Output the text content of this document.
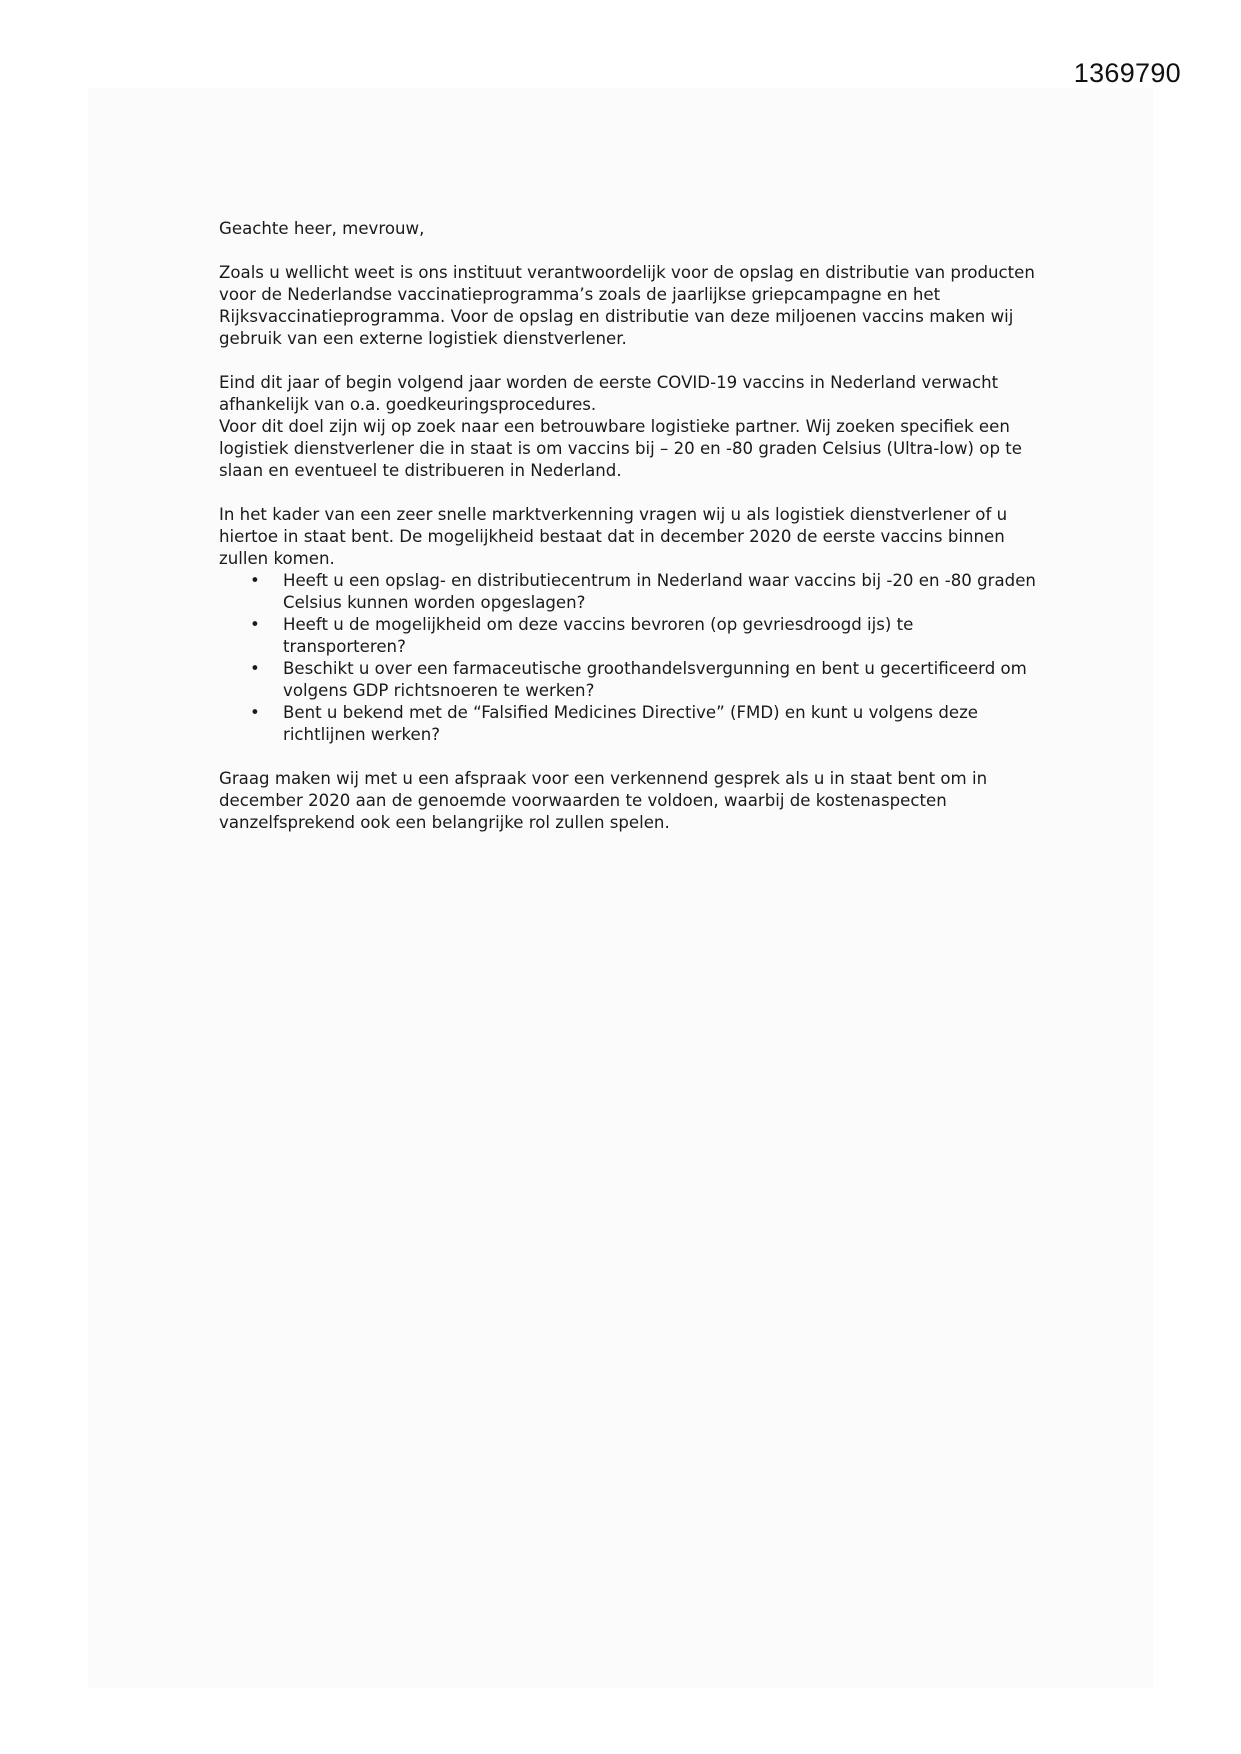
1369790

Geachte heer, mevrouw,

Zoals u wellicht weet is ons instituut verantwoordelijk voor de opslag en distributie van producten voor de Nederlandse vaccinatieprogramma’s zoals de jaarlijkse griepcampagne en het Rijksvaccinatieprogramma. Voor de opslag en distributie van deze miljoenen vaccins maken wij gebruik van een externe logistiek dienstverlener.

Eind dit jaar of begin volgend jaar worden de eerste COVID-19 vaccins in Nederland verwacht afhankelijk van o.a. goedkeuringsprocedures.

Voor dit doel zijn wij op zoek naar een betrouwbare logistieke partner. Wij zoeken specifiek een logistiek dienstverlener die in staat is om vaccins bij – 20 en -80 graden Celsius (Ultra-low) op te slaan en eventueel te distribueren in Nederland.

In het kader van een zeer snelle marktverkenning vragen wij u als logistiek dienstverlener of u hiertoe in staat bent. De mogelijkheid bestaat dat in december 2020 de eerste vaccins binnen zullen komen.

• Heeft u een opslag- en distributiecentrum in Nederland waar vaccins bij -20 en -80 graden Celsius kunnen worden opgeslagen?
• Heeft u de mogelijkheid om deze vaccins bevroren (op gevriesdroogd ijs) te transporteren?
• Beschikt u over een farmaceutische groothandelsvergunning en bent u gecertificeerd om volgens GDP richtsnoeren te werken?
• Bent u bekend met de “Falsified Medicines Directive” (FMD) en kunt u volgens deze richtlijnen werken?

Graag maken wij met u een afspraak voor een verkennend gesprek als u in staat bent om in december 2020 aan de genoemde voorwaarden te voldoen, waarbij de kostenaspecten vanzelfsprekend ook een belangrijke rol zullen spelen.
